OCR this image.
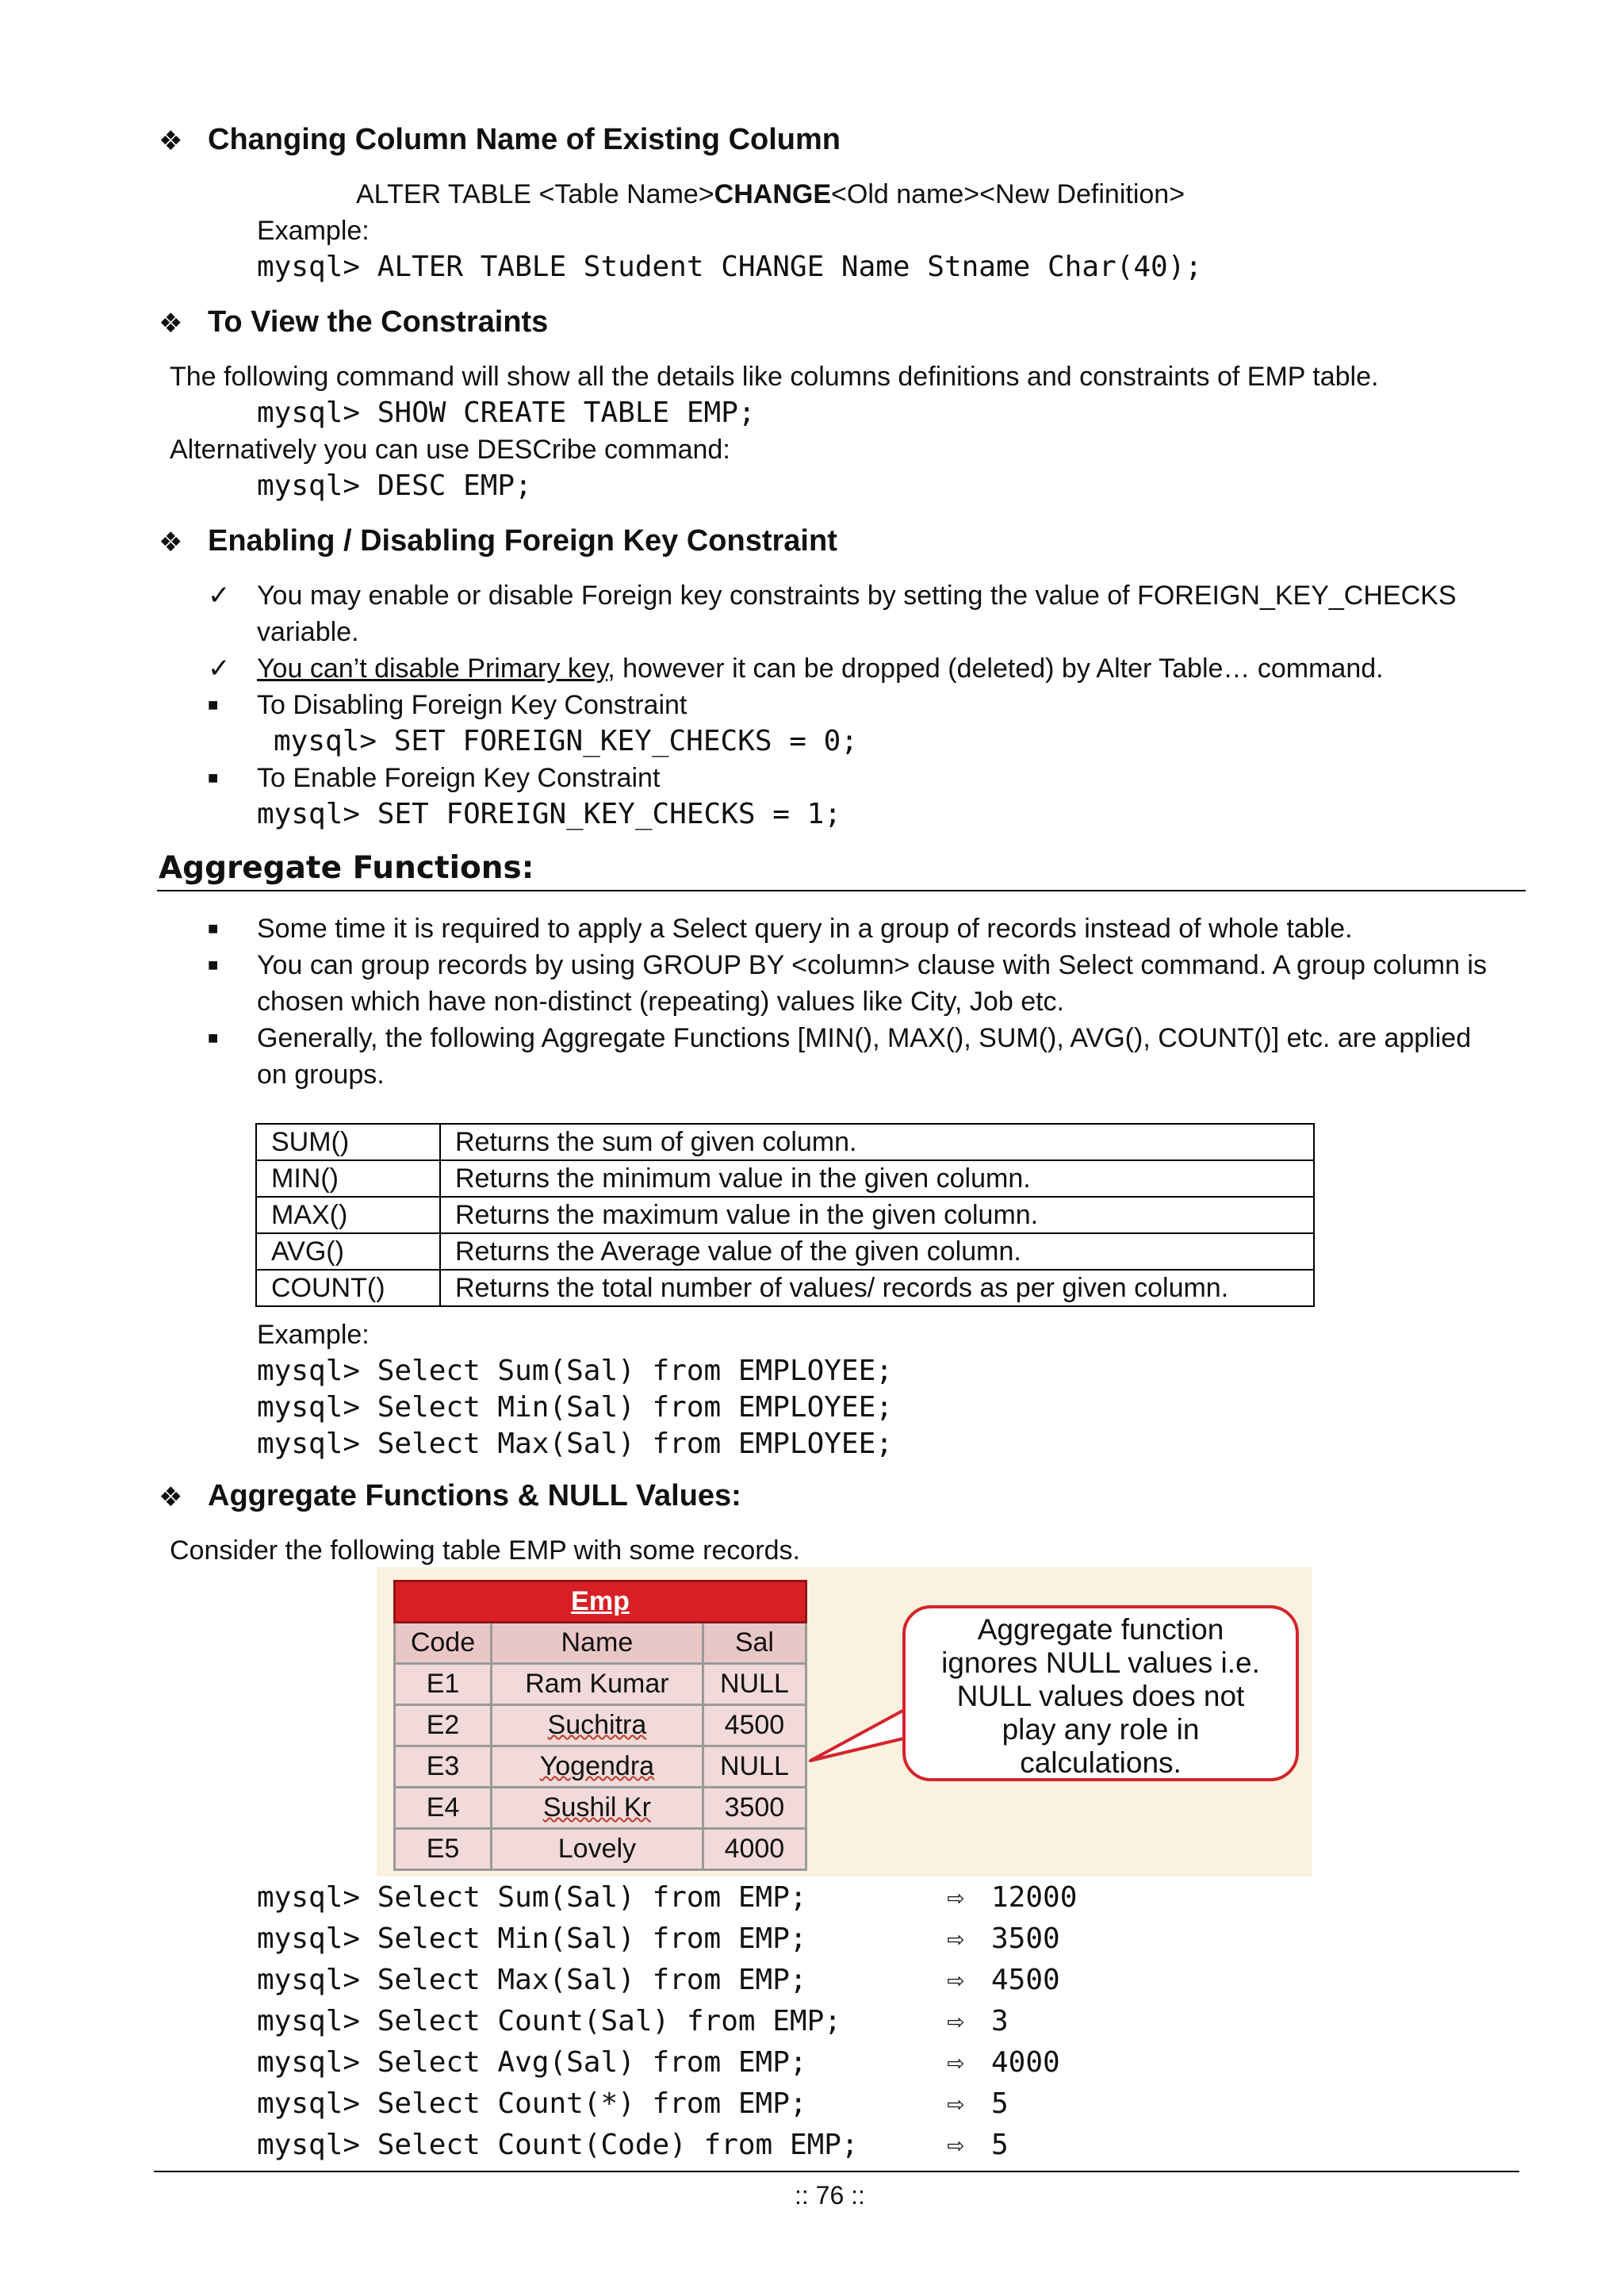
❖ Changing Column Name of Existing Column
ALTER TABLE <Table Name>CHANGE<Old name><New Definition>
Example:
mysql> ALTER TABLE Student CHANGE Name Stname Char(40);
❖ To View the Constraints
The following command will show all the details like columns definitions and constraints of EMP table.
mysql> SHOW CREATE TABLE EMP;
Alternatively you can use DESCribe command:
mysql> DESC EMP;
❖ Enabling / Disabling Foreign Key Constraint
✓ You may enable or disable Foreign key constraints by setting the value of FOREIGN_KEY_CHECKS
variable.
✓ You can’t disable Primary key, however it can be dropped (deleted) by Alter Table… command.
■ To Disabling Foreign Key Constraint
mysql> SET FOREIGN_KEY_CHECKS = 0;
■ To Enable Foreign Key Constraint
mysql> SET FOREIGN_KEY_CHECKS = 1;
Aggregate Functions:
■ Some time it is required to apply a Select query in a group of records instead of whole table.
■ You can group records by using GROUP BY <column> clause with Select command. A group column is
chosen which have non-distinct (repeating) values like City, Job etc.
■ Generally, the following Aggregate Functions [MIN(), MAX(), SUM(), AVG(), COUNT()] etc. are applied
on groups.
SUM()	Returns the sum of given column.
MIN()	Returns the minimum value in the given column.
MAX()	Returns the maximum value in the given column.
AVG()	Returns the Average value of the given column.
COUNT()	Returns the total number of values/ records as per given column.
Example:
mysql> Select Sum(Sal) from EMPLOYEE;
mysql> Select Min(Sal) from EMPLOYEE;
mysql> Select Max(Sal) from EMPLOYEE;
❖ Aggregate Functions & NULL Values:
Consider the following table EMP with some records.
Emp		
Code	Name	Sal
E1	Ram Kumar	NULL
E2	Suchitra	4500
E3	Yogendra	NULL
E4	Sushil Kr	3500
E5	Lovely	4000
Aggregate function
ignores NULL values i.e.
NULL values does not
play any role in
calculations.
mysql> Select Sum(Sal) from EMP;	⇨ 12000
mysql> Select Min(Sal) from EMP;	⇨ 3500
mysql> Select Max(Sal) from EMP;	⇨ 4500
mysql> Select Count(Sal) from EMP;	⇨ 3
mysql> Select Avg(Sal) from EMP;	⇨ 4000
mysql> Select Count(*) from EMP;	⇨ 5
mysql> Select Count(Code) from EMP;	⇨ 5
:: 76 ::
